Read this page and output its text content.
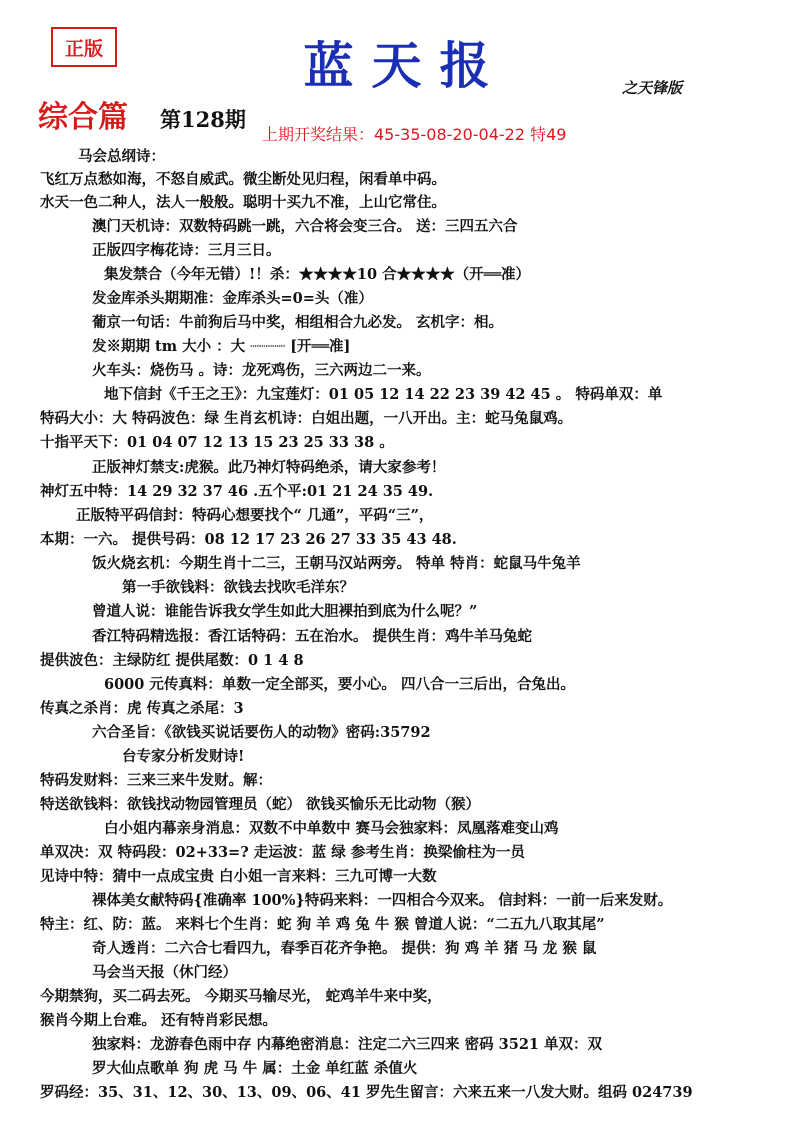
正版	蓝天报	之天锋版
综合篇 第128期
上期开奖结果：45-35-08-20-04-22 特49
马会总纲诗：
飞红万点愁如海，不怒自威武。微尘断处见归程，闲看单中码。
水天一色二种人，法人一般般。聪明十买九不准，上山它常住。
澳门天机诗：双数特码跳一跳，六合将会变三合。 送：三四五六合
正版四字梅花诗：三月三日。
集发禁合（今年无错）!！杀：★★★★10 合★★★★（开══准）
发金库杀头期期准：金库杀头=0=头（准）
葡京一句话：牛前狗后马中奖，相组相合九必发。 玄机字：相。
发※期期 tm 大小 ：大 ┈┈┈┈ [开══准]
火车头：烧伤马 。诗：龙死鸡伤，三六两边二一来。
地下信封《千王之王》：九宝莲灯：01 05 12 14 22 23 39 42 45 。 特码单双：单
特码大小：大 特码波色：绿 生肖玄机诗：白姐出题，一八开出。主：蛇马兔鼠鸡。
十指平天下：01 04 07 12 13 15 23 25 33 38 。
正版神灯禁支:虎猴。此乃神灯特码绝杀，请大家参考！
神灯五中特：14 29 32 37 46 .五个平:01 21 24 35 49.
正版特平码信封：特码心想要找个“ 几通”，平码“三”，
本期：一六。 提供号码：08 12 17 23 26 27 33 35 43 48.
饭火烧玄机：今期生肖十二三，王朝马汉站两旁。 特单 特肖：蛇鼠马牛兔羊
第一手欲钱料：欲钱去找吹毛洋东？
曾道人说：谁能告诉我女学生如此大胆裸拍到底为什么呢？”
香江特码精选报：香江话特码：五在治水。 提供生肖：鸡牛羊马兔蛇
提供波色：主绿防红 提供尾数：0 1 4 8
6000 元传真料：单数一定全部买，要小心。 四八合一三后出，合兔出。
传真之杀肖：虎 传真之杀尾：3
六合圣旨：《欲钱买说话要伤人的动物》密码:35792
台专家分析发财诗!
特码发财料：三来三来牛发财。解：
特送欲钱料：欲钱找动物园管理员（蛇） 欲钱买愉乐无比动物（猴）
白小姐内幕亲身消息：双数不中单数中 赛马会独家料：凤凰落难变山鸡
单双决：双 特码段：02+33=? 走运波：蓝 绿 参考生肖：换梁偷柱为一员
见诗中特：猜中一点成宝贵 白小姐一言来料：三九可博一大数
裸体美女献特码{准确率 100%}特码来料：一四相合今双来。 信封料：一前一后来发财。
特主：红、防：蓝。 来料七个生肖：蛇 狗 羊 鸡 兔 牛 猴 曾道人说：“二五九八取其尾”
奇人透肖：二六合七看四九，春季百花齐争艳。 提供：狗 鸡 羊 猪 马 龙 猴 鼠
马会当天报（休门经）
今期禁狗，买二码去死。 今期买马输尽光， 蛇鸡羊牛来中奖，
猴肖今期上台难。 还有特肖彩民想。
独家料：龙游春色雨中存 内幕绝密消息：注定二六三四来 密码 3521 单双：双
罗大仙点歌单 狗 虎 马 牛 属：土金 单红蓝 杀值火
罗码经：35、31、12、30、13、09、06、41 罗先生留言：六来五来一八发大财。组码 024739
